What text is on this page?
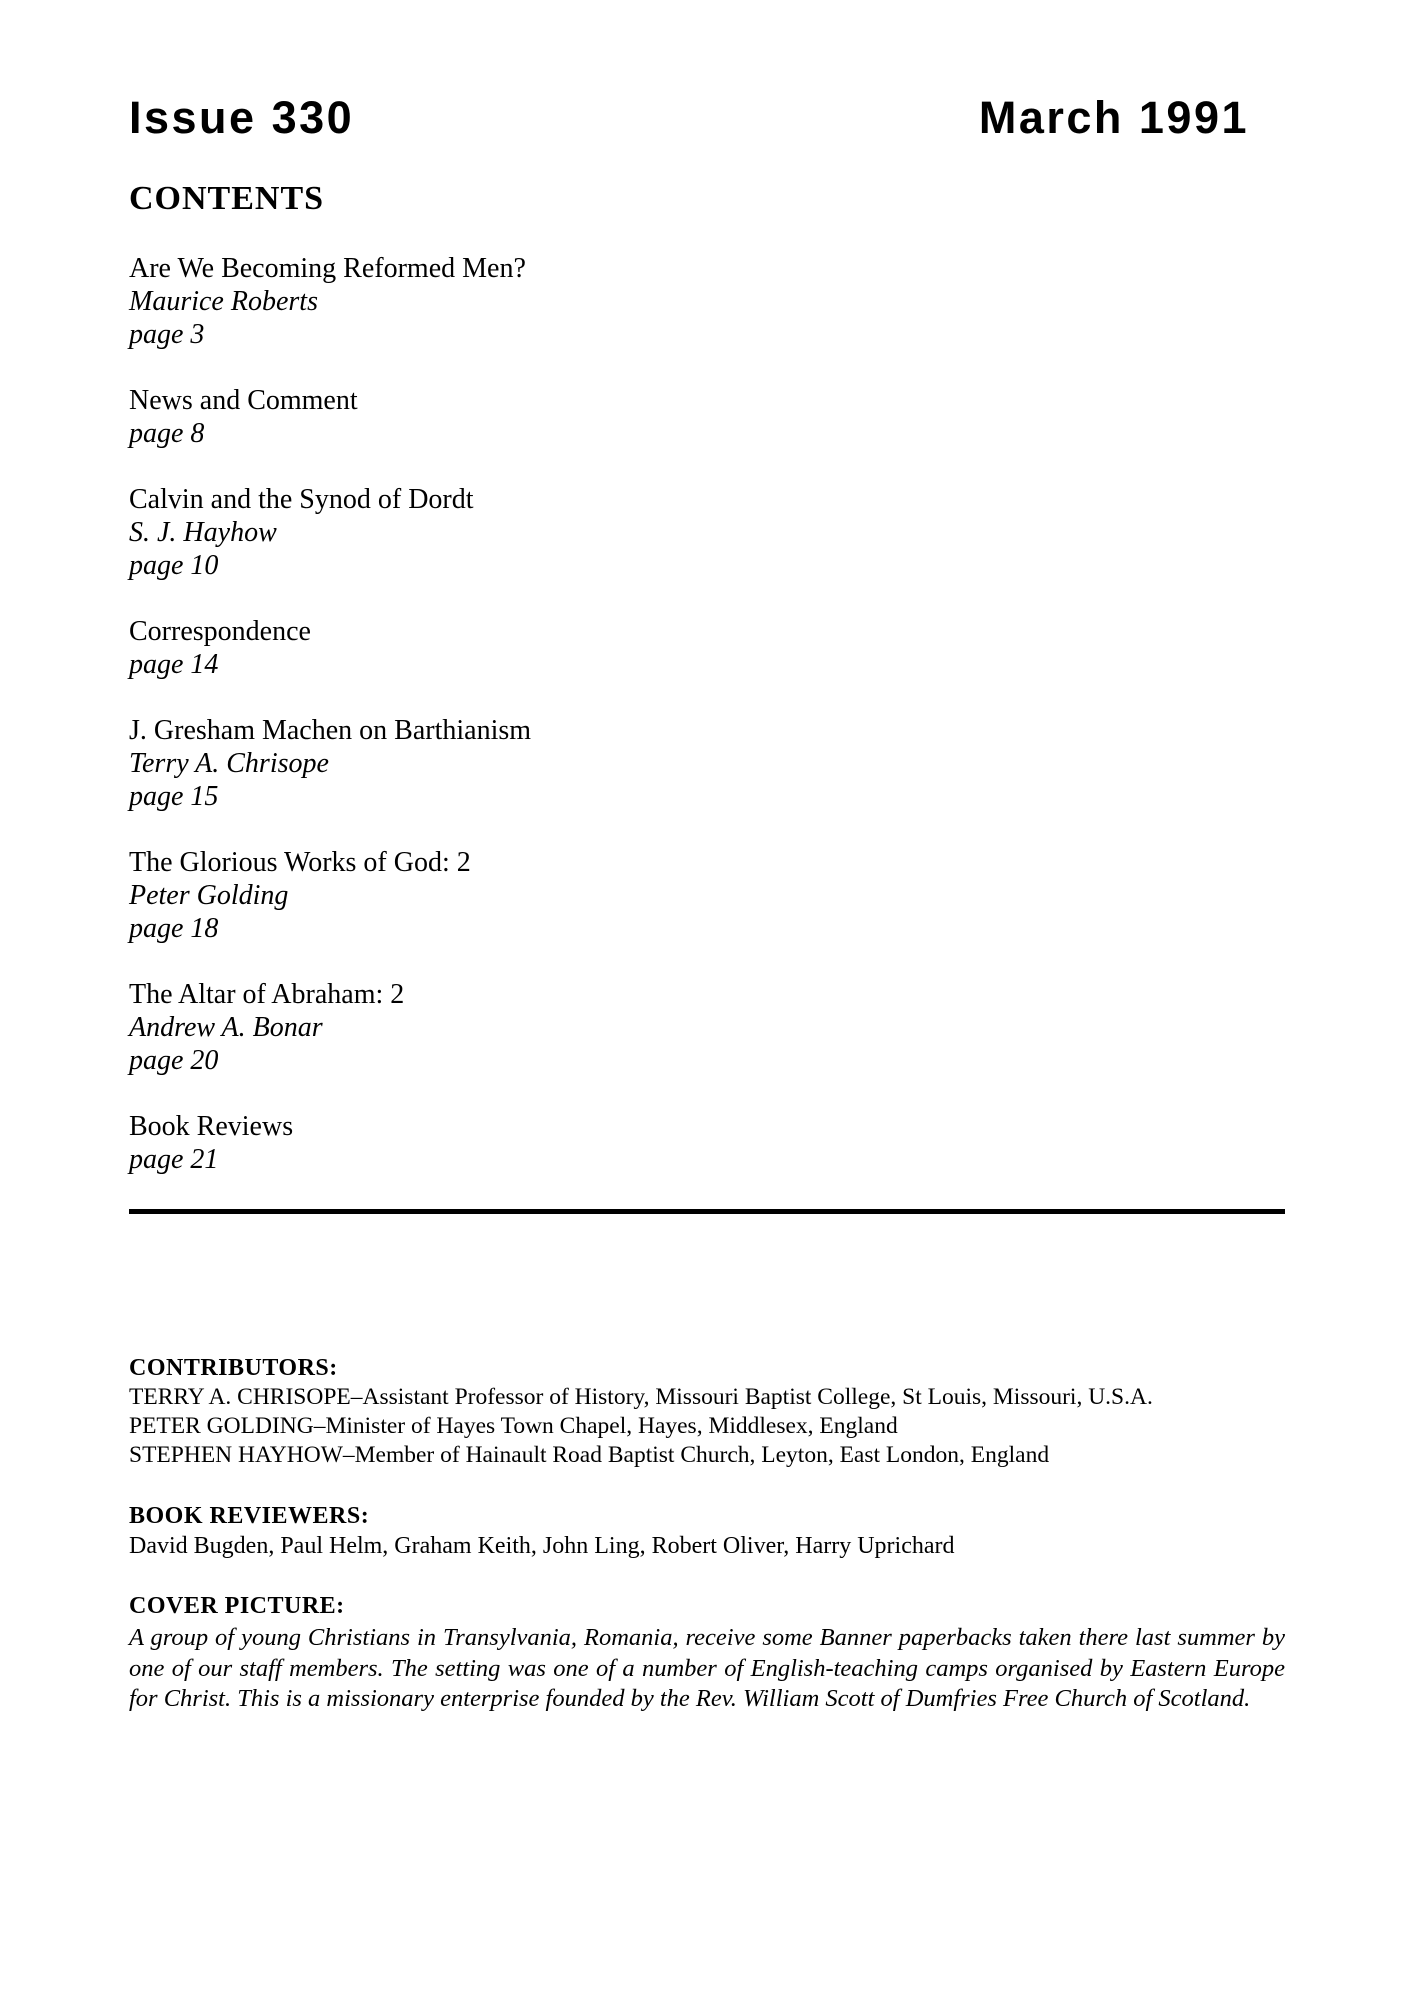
Issue 330	March 1991
CONTENTS
Are We Becoming Reformed Men?
Maurice Roberts
page 3
News and Comment
page 8
Calvin and the Synod of Dordt
S. J. Hayhow
page 10
Correspondence
page 14
J. Gresham Machen on Barthianism
Terry A. Chrisope
page 15
The Glorious Works of God: 2
Peter Golding
page 18
The Altar of Abraham: 2
Andrew A. Bonar
page 20
Book Reviews
page 21
CONTRIBUTORS:
TERRY A. CHRISOPE–Assistant Professor of History, Missouri Baptist College, St Louis, Missouri, U.S.A.
PETER GOLDING–Minister of Hayes Town Chapel, Hayes, Middlesex, England
STEPHEN HAYHOW–Member of Hainault Road Baptist Church, Leyton, East London, England
BOOK REVIEWERS:
David Bugden, Paul Helm, Graham Keith, John Ling, Robert Oliver, Harry Uprichard
COVER PICTURE:

A group of young Christians in Transylvania, Romania, receive some Banner paperbacks taken there last summer by one of our staff members. The setting was one of a number of English-teaching camps organised by Eastern Europe for Christ. This is a missionary enterprise founded by the Rev. William Scott of Dumfries Free Church of Scotland.
